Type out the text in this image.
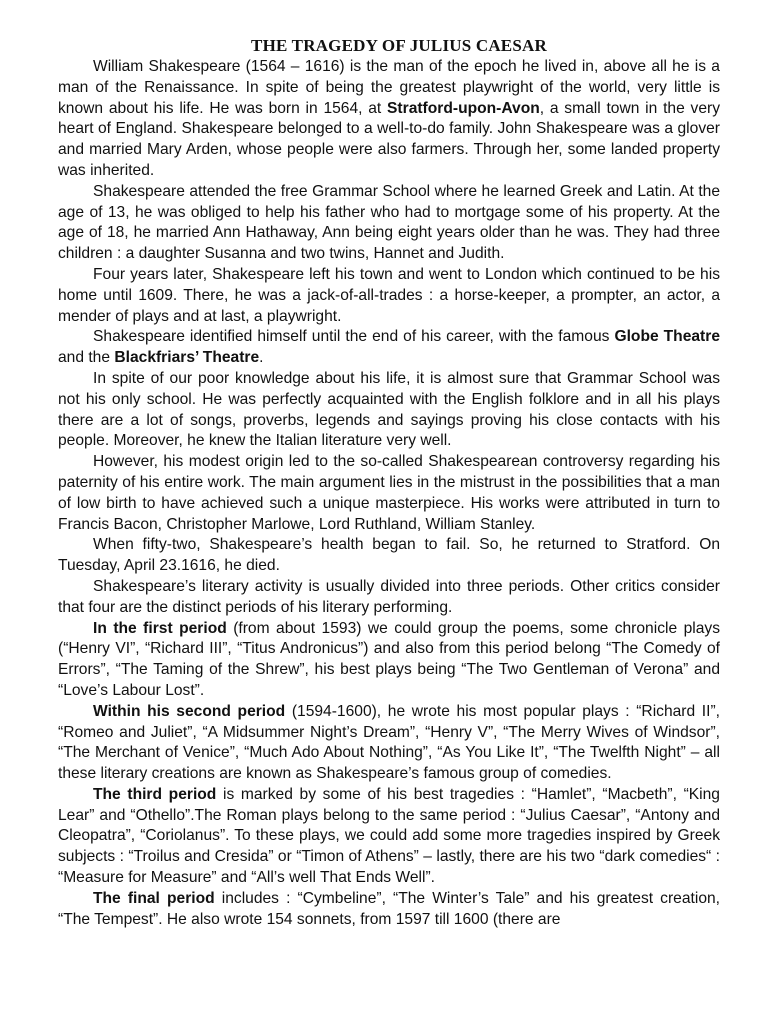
THE TRAGEDY OF JULIUS CAESAR

William Shakespeare (1564 – 1616) is the man of the epoch he lived in, above all he is a man of the Renaissance. In spite of being the greatest playwright of the world, very little is known about his life. He was born in 1564, at Stratford-upon-Avon, a small town in the very heart of England. Shakespeare belonged to a well-to-do family. John Shakespeare was a glover and married Mary Arden, whose people were also farmers. Through her, some landed property was inherited.

Shakespeare attended the free Grammar School where he learned Greek and Latin. At the age of 13, he was obliged to help his father who had to mortgage some of his property. At the age of 18, he married Ann Hathaway, Ann being eight years older than he was. They had three children : a daughter Susanna and two twins, Hannet and Judith.

Four years later, Shakespeare left his town and went to London which continued to be his home until 1609. There, he was a jack-of-all-trades : a horse-keeper, a prompter, an actor, a mender of plays and at last, a playwright.

Shakespeare identified himself until the end of his career, with the famous Globe Theatre and the Blackfriars’ Theatre.

In spite of our poor knowledge about his life, it is almost sure that Grammar School was not his only school. He was perfectly acquainted with the English folklore and in all his plays there are a lot of songs, proverbs, legends and sayings proving his close contacts with his people. Moreover, he knew the Italian literature very well.

However, his modest origin led to the so-called Shakespearean controversy regarding his paternity of his entire work. The main argument lies in the mistrust in the possibilities that a man of low birth to have achieved such a unique masterpiece. His works were attributed in turn to Francis Bacon, Christopher Marlowe, Lord Ruthland, William Stanley.

When fifty-two, Shakespeare’s health began to fail. So, he returned to Stratford. On Tuesday, April 23.1616, he died.

Shakespeare’s literary activity is usually divided into three periods. Other critics consider that four are the distinct periods of his literary performing.

In the first period (from about 1593) we could group the poems, some chronicle plays (“Henry VI”, “Richard III”, “Titus Andronicus”) and also from this period belong “The Comedy of Errors”, “The Taming of the Shrew”, his best plays being “The Two Gentleman of Verona” and “Love’s Labour Lost”.

Within his second period (1594-1600), he wrote his most popular plays : “Richard II”, “Romeo and Juliet”, “A Midsummer Night’s Dream”, “Henry V”, “The Merry Wives of Windsor”, “The Merchant of Venice”, “Much Ado About Nothing”, “As You Like It”, “The Twelfth Night” – all these literary creations are known as Shakespeare’s famous group of comedies.

The third period is marked by some of his best tragedies : “Hamlet”, “Macbeth”, “King Lear” and “Othello”.The Roman plays belong to the same period : “Julius Caesar”, “Antony and Cleopatra”, “Coriolanus”. To these plays, we could add some more tragedies inspired by Greek subjects : “Troilus and Cresida” or “Timon of Athens” – lastly, there are his two “dark comedies“ : “Measure for Measure” and “All’s well That Ends Well”.

The final period includes : “Cymbeline”, “The Winter’s Tale” and his greatest creation, “The Tempest”. He also wrote 154 sonnets, from 1597 till 1600 (there are
